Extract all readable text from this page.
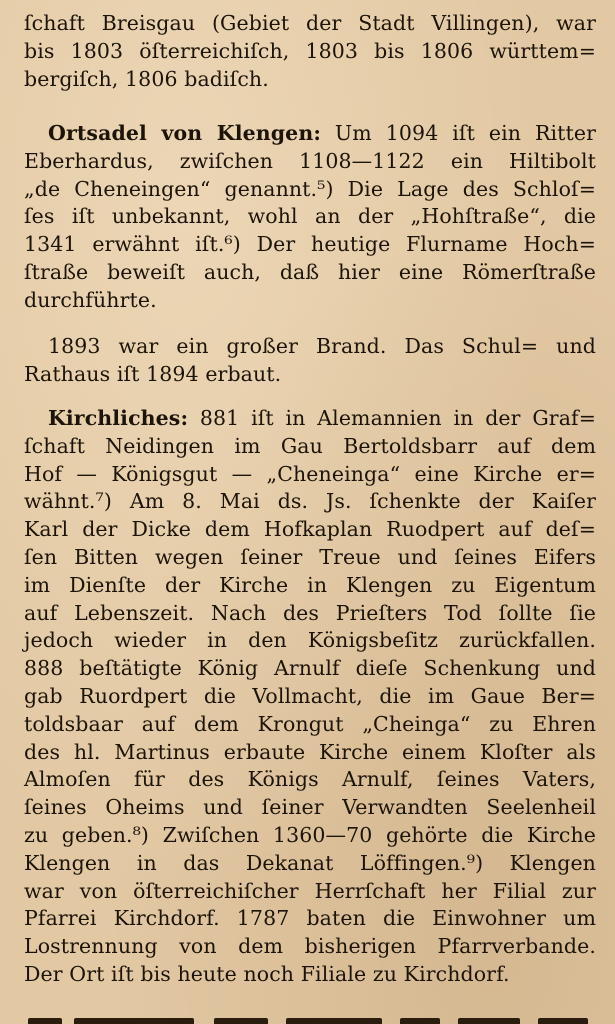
ſchaft Breisgau (Gebiet der Stadt Villingen), war
bis 1803 öſterreichiſch, 1803 bis 1806 württem=
bergiſch, 1806 badiſch.

Ortsadel von Klengen: Um 1094 iſt ein Ritter
Eberhardus, zwiſchen 1108—1122 ein Hiltibolt
„de Cheneingen“ genannt.⁵) Die Lage des Schloſ=
ſes iſt unbekannt, wohl an der „Hohſtraße“, die
1341 erwähnt iſt.⁶) Der heutige Flurname Hoch=
ſtraße beweiſt auch, daß hier eine Römerſtraße
durchführte.

1893 war ein großer Brand. Das Schul= und
Rathaus iſt 1894 erbaut.

Kirchliches: 881 iſt in Alemannien in der Graf=
ſchaft Neidingen im Gau Bertoldsbarr auf dem
Hof — Königsgut — „Cheneinga“ eine Kirche er=
wähnt.⁷) Am 8. Mai ds. Js. ſchenkte der Kaiſer
Karl der Dicke dem Hofkaplan Ruodpert auf deſ=
ſen Bitten wegen ſeiner Treue und ſeines Eifers
im Dienſte der Kirche in Klengen zu Eigentum
auf Lebenszeit. Nach des Prieſters Tod ſollte ſie
jedoch wieder in den Königsbeſitz zurückfallen.
888 beſtätigte König Arnulf dieſe Schenkung und
gab Ruordpert die Vollmacht, die im Gaue Ber=
toldsbaar auf dem Krongut „Cheinga“ zu Ehren
des hl. Martinus erbaute Kirche einem Kloſter als
Almoſen für des Königs Arnulf, ſeines Vaters,
ſeines Oheims und ſeiner Verwandten Seelenheil
zu geben.⁸) Zwiſchen 1360—70 gehörte die Kirche
Klengen in das Dekanat Löffingen.⁹) Klengen
war von öſterreichiſcher Herrſchaft her Filial zur
Pfarrei Kirchdorf. 1787 baten die Einwohner um
Lostrennung von dem bisherigen Pfarrverbande.
Der Ort iſt bis heute noch Filiale zu Kirchdorf.
